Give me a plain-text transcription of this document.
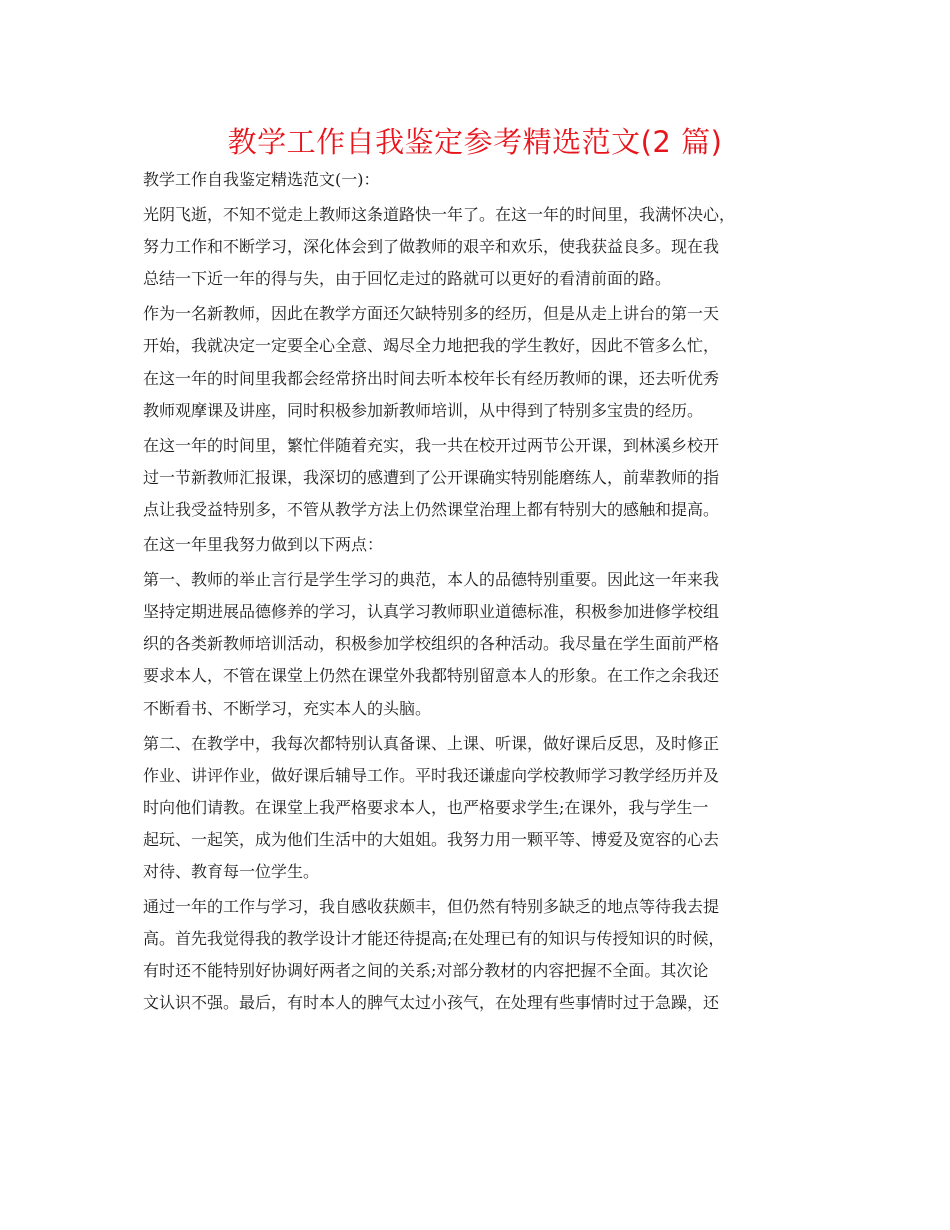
教学工作自我鉴定参考精选范文(2 篇)
教学工作自我鉴定精选范文(一)：
光阴飞逝，不知不觉走上教师这条道路快一年了。在这一年的时间里，我满怀决心，
努力工作和不断学习，深化体会到了做教师的艰辛和欢乐，使我获益良多。现在我
总结一下近一年的得与失，由于回忆走过的路就可以更好的看清前面的路。
作为一名新教师，因此在教学方面还欠缺特别多的经历，但是从走上讲台的第一天
开始，我就决定一定要全心全意、竭尽全力地把我的学生教好，因此不管多么忙，
在这一年的时间里我都会经常挤出时间去听本校年长有经历教师的课，还去听优秀
教师观摩课及讲座，同时积极参加新教师培训，从中得到了特别多宝贵的经历。
在这一年的时间里，繁忙伴随着充实，我一共在校开过两节公开课，到林溪乡校开
过一节新教师汇报课，我深切的感遭到了公开课确实特别能磨练人，前辈教师的指
点让我受益特别多，不管从教学方法上仍然课堂治理上都有特别大的感触和提高。
在这一年里我努力做到以下两点：
第一、教师的举止言行是学生学习的典范，本人的品德特别重要。因此这一年来我
坚持定期进展品德修养的学习，认真学习教师职业道德标准，积极参加进修学校组
织的各类新教师培训活动，积极参加学校组织的各种活动。我尽量在学生面前严格
要求本人，不管在课堂上仍然在课堂外我都特别留意本人的形象。在工作之余我还
不断看书、不断学习，充实本人的头脑。
第二、在教学中，我每次都特别认真备课、上课、听课，做好课后反思，及时修正
作业、讲评作业，做好课后辅导工作。平时我还谦虚向学校教师学习教学经历并及
时向他们请教。在课堂上我严格要求本人，也严格要求学生;在课外，我与学生一
起玩、一起笑，成为他们生活中的大姐姐。我努力用一颗平等、博爱及宽容的心去
对待、教育每一位学生。
通过一年的工作与学习，我自感收获颇丰，但仍然有特别多缺乏的地点等待我去提
高。首先我觉得我的教学设计才能还待提高;在处理已有的知识与传授知识的时候，
有时还不能特别好协调好两者之间的关系;对部分教材的内容把握不全面。其次论
文认识不强。最后，有时本人的脾气太过小孩气，在处理有些事情时过于急躁，还
